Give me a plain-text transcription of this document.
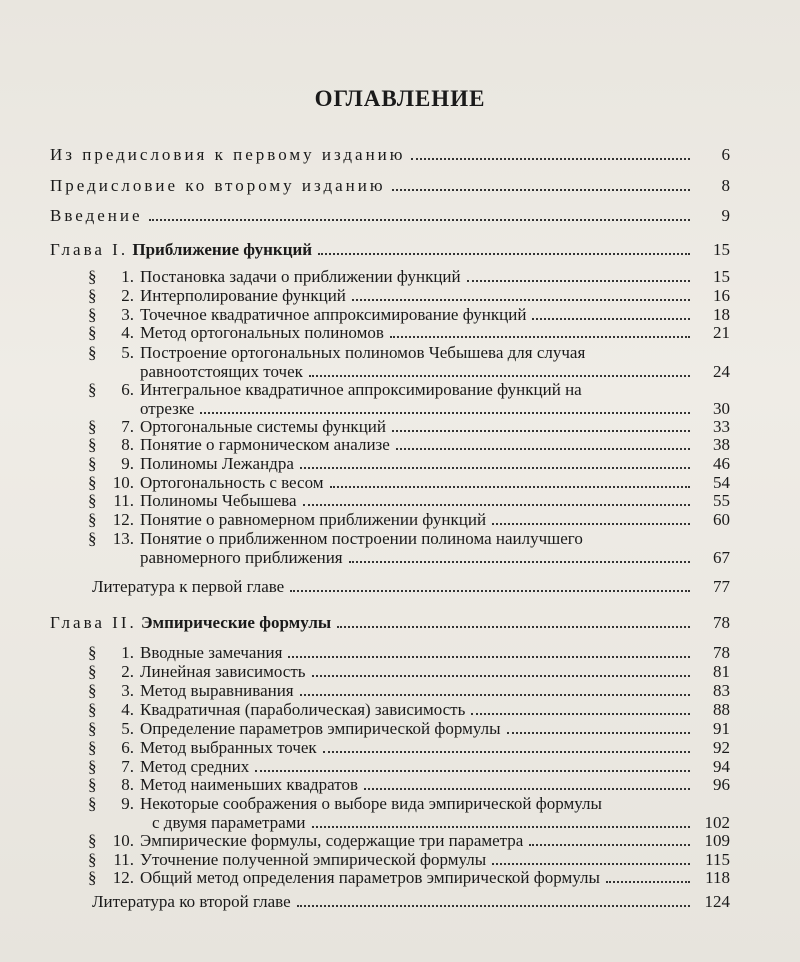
ОГЛАВЛЕНИЕ
Из предисловия к первому изданию	6
Предисловие ко второму изданию	8
Введение	9
Глава I. Приближение функций	15
§	1. Постановка задачи о приближении функций	15
§	2. Интерполирование функций	16
§	3. Точечное квадратичное аппроксимирование функций	18
§	4. Метод ортогональных полиномов	21
§	5. Построение ортогональных полиномов Чебышева для случая
равноотстоящих точек	24
§	6. Интегральное квадратичное аппроксимирование функций на
отрезке	30
§	7. Ортогональные системы функций	33
§	8. Понятие о гармоническом анализе	38
§	9. Полиномы Лежандра	46
§ 10. Ортогональность с весом	54
§ 11. Полиномы Чебышева	55
§ 12. Понятие о равномерном приближении функций	60
§ 13. Понятие о приближенном построении полинома наилучшего
равномерного приближения	67
Литература к первой главе	77
Глава II. Эмпирические формулы	78
§	1. Вводные замечания	78
§	2. Линейная зависимость	81
§	3. Метод выравнивания	83
§	4. Квадратичная (параболическая) зависимость	88
§	5. Определение параметров эмпирической формулы	91
§	6. Метод выбранных точек	92
§	7. Метод средних	94
§	8. Метод наименьших квадратов	96
§	9. Некоторые соображения о выборе вида эмпирической формулы
с двумя параметрами	102
§ 10. Эмпирические формулы, содержащие три параметра	109
§ 11. Уточнение полученной эмпирической формулы	115
§ 12. Общий метод определения параметров эмпирической формулы	118
Литература ко второй главе	124
